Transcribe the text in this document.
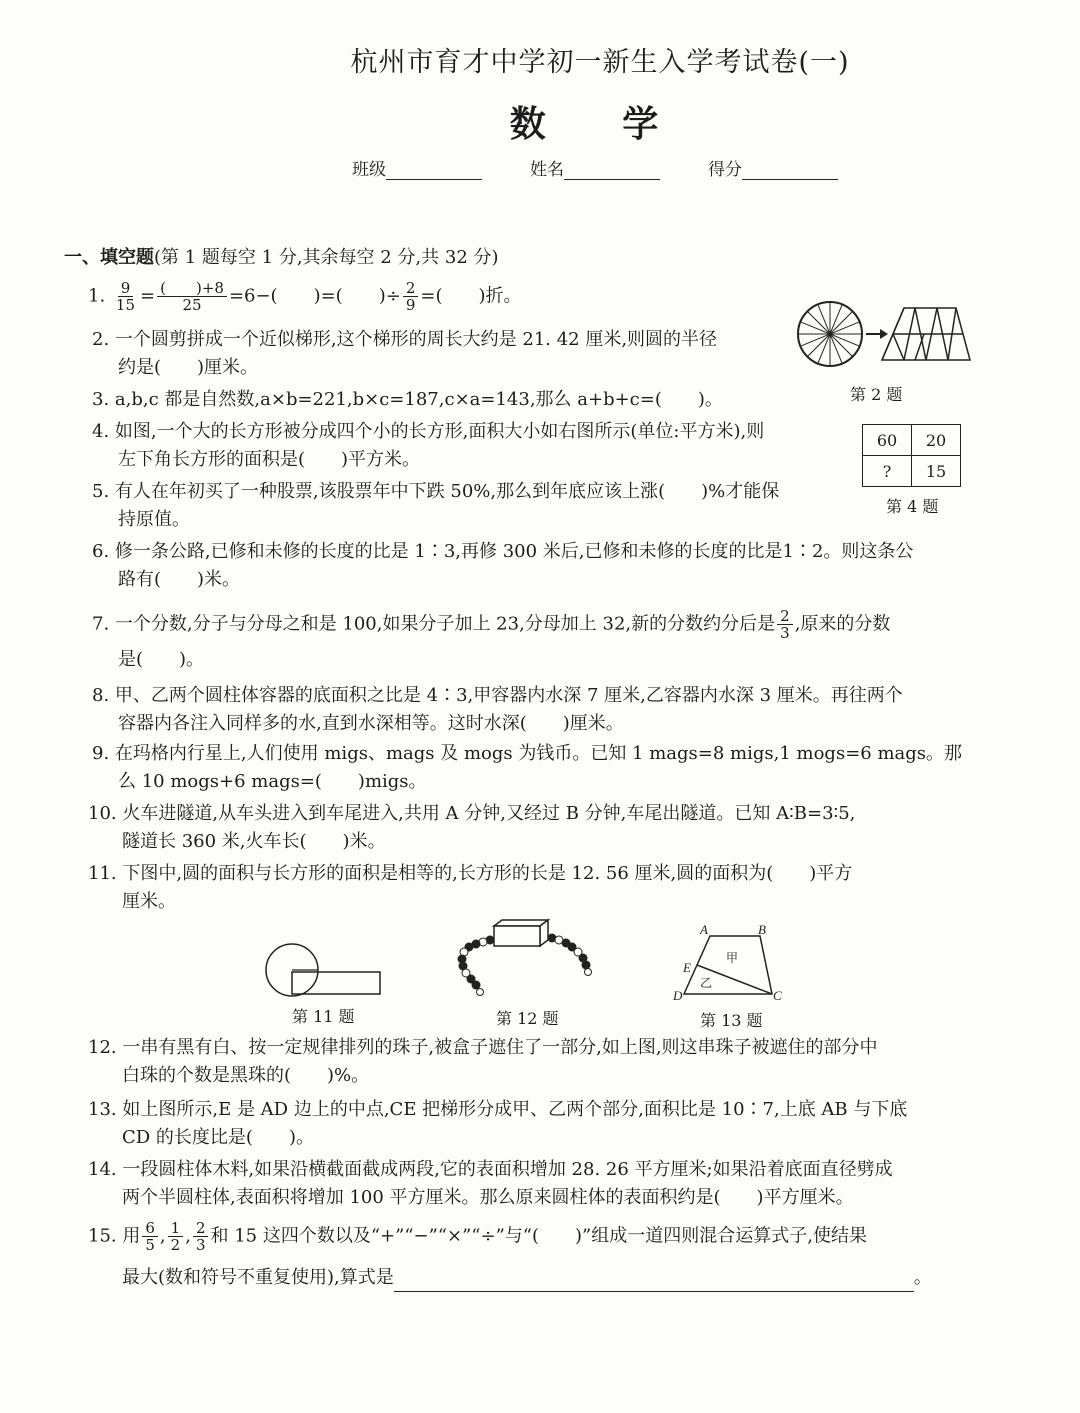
杭州市育才中学初一新生入学考试卷(一)
数 学
班级	姓名	得分
一、填空题(第 1 题每空 1 分,其余每空 2 分,共 32 分)
1. $\frac{9}{15} = \frac{( )+8}{25} =6-$(　　)=(　　)÷ $\frac{2}{9}$ =(　　)折。
2. 一个圆剪拼成一个近似梯形,这个梯形的周长大约是 21. 42 厘米,则圆的半径
约是(　　)厘米。
第 2 题
3. a,b,c 都是自然数,a×b=221,b×c=187,c×a=143,那么 a+b+c=(　　)。
4. 如图,一个大的长方形被分成四个小的长方形,面积大小如右图所示(单位:平方米),则
左下角长方形的面积是(　　)平方米。
60	20
?	15
第 4 题
5. 有人在年初买了一种股票,该股票年中下跌 50%,那么到年底应该上涨(　　)%才能保
持原值。
6. 修一条公路,已修和未修的长度的比是 1∶3,再修 300 米后,已修和未修的长度的比是1∶2。则这条公
路有(　　)米。
7. 一个分数,分子与分母之和是 100,如果分子加上 23,分母加上 32,新的分数约分后是 $\frac{2}{3}$ ,原来的分数
是(　　)。
8. 甲、乙两个圆柱体容器的底面积之比是 4∶3,甲容器内水深 7 厘米,乙容器内水深 3 厘米。再往两个
容器内各注入同样多的水,直到水深相等。这时水深(　　)厘米。
9. 在玛格内行星上,人们使用 migs、mags 及 mogs 为钱币。已知 1 mags=8 migs,1 mogs=6 mags。那
么 10 mogs+6 mags=(　　)migs。
10. 火车进隧道,从车头进入到车尾进入,共用 A 分钟,又经过 B 分钟,车尾出隧道。已知 A∶B=3∶5,
隧道长 360 米,火车长(　　)米。
11. 下图中,圆的面积与长方形的面积是相等的,长方形的长是 12. 56 厘米,圆的面积为(　　)平方
厘米。
第 11 题	第 12 题
A	B
C
D
E
甲
乙
第 13 题
12. 一串有黑有白、按一定规律排列的珠子,被盒子遮住了一部分,如上图,则这串珠子被遮住的部分中
白珠的个数是黑珠的(　　)%。
13. 如上图所示,E 是 AD 边上的中点,CE 把梯形分成甲、乙两个部分,面积比是 10∶7,上底 AB 与下底
CD 的长度比是(　　)。
14. 一段圆柱体木料,如果沿横截面截成两段,它的表面积增加 28. 26 平方厘米;如果沿着底面直径劈成
两个半圆柱体,表面积将增加 100 平方厘米。那么原来圆柱体的表面积约是(　　)平方厘米。
15. 用 $\frac{6}{5}$ , $\frac{1}{2}$ , $\frac{2}{3}$ 和 15 这四个数以及“+”“−”“×”“÷”与“(　　)”组成一道四则混合运算式子,使结果
最大(数和符号不重复使用),算式是	。
